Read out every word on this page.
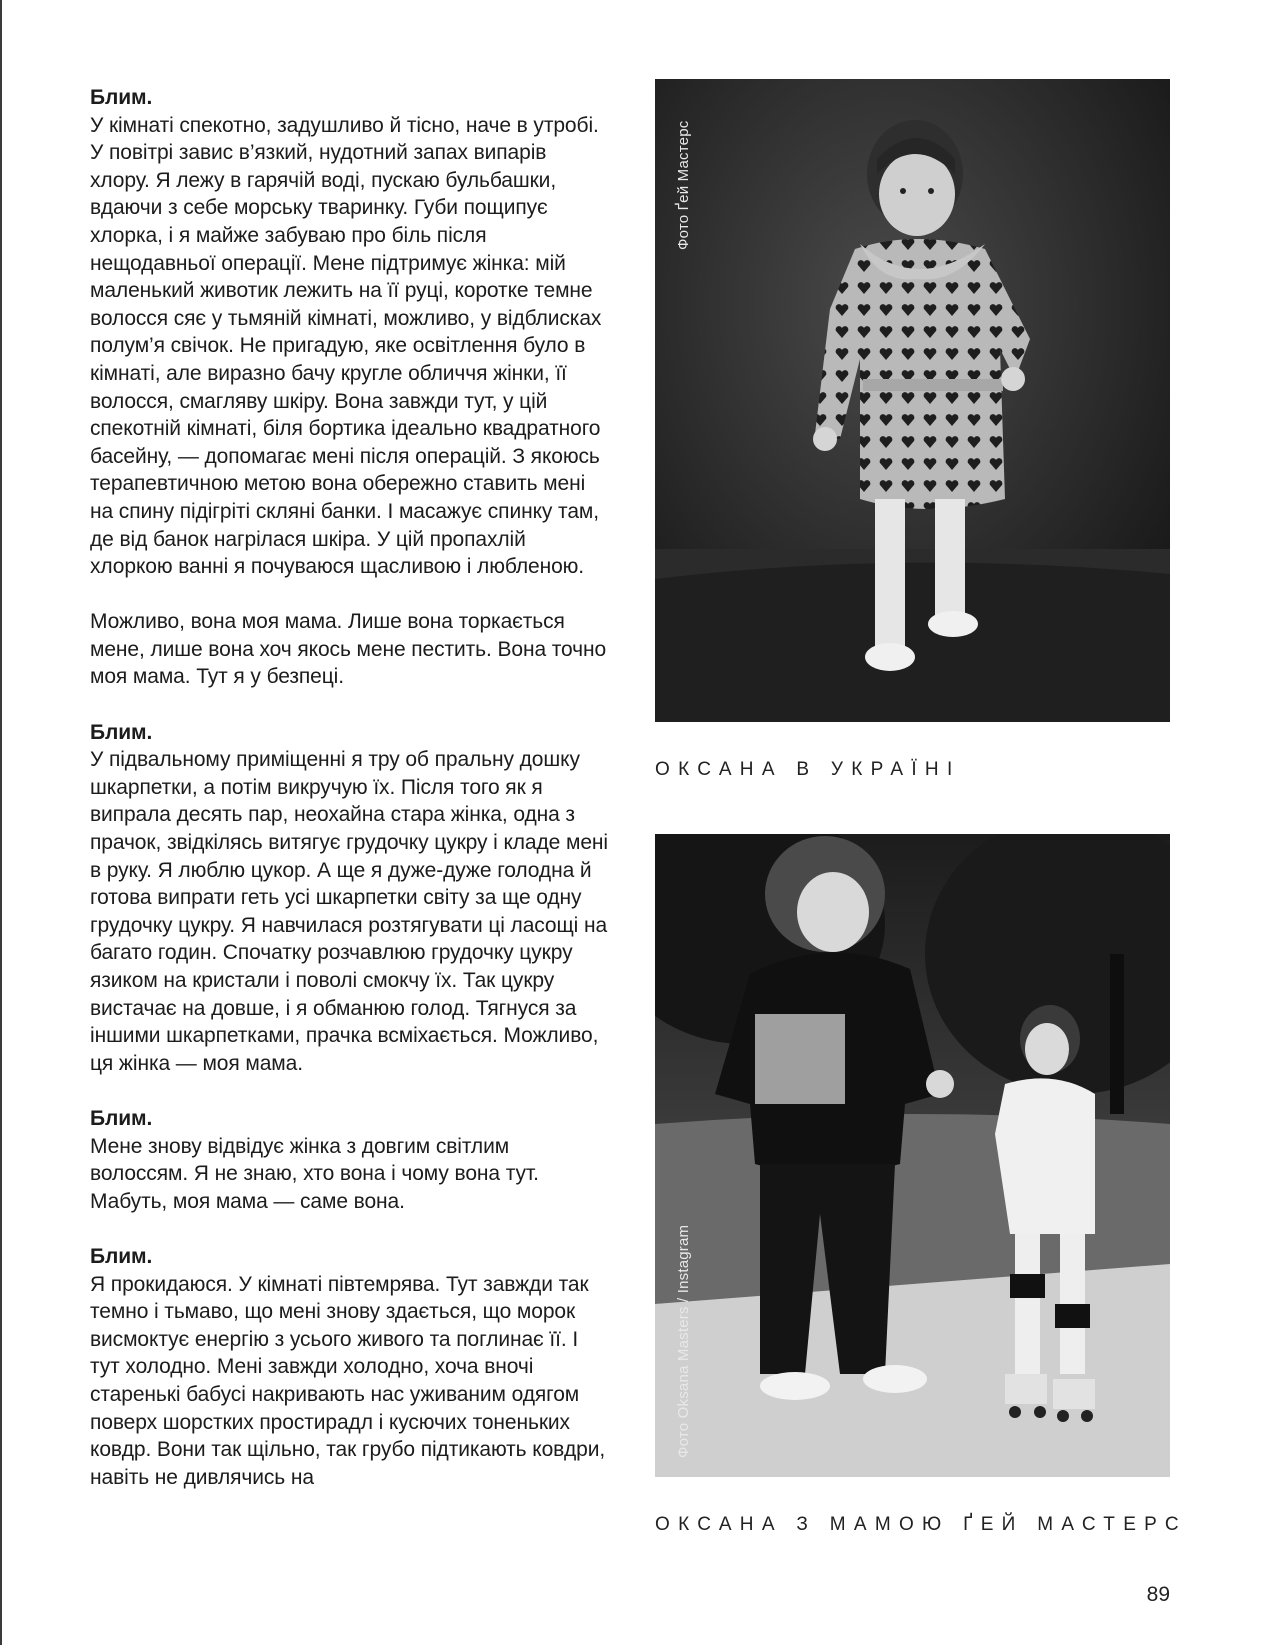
Блим.
У кімнаті спекотно, задушливо й тісно, наче в утробі. У повітрі завис в’язкий, нудотний запах випарів хлору. Я лежу в гарячій воді, пускаю бульбашки, вдаючи з себе морську тваринку. Губи пощипує хлорка, і я майже забуваю про біль після нещодавньої операції. Мене підтримує жінка: мій маленький животик лежить на її руці, коротке темне волосся сяє у тьмяній кімнаті, можливо, у відблисках полум’я свічок. Не пригадую, яке освітлення було в кімнаті, але виразно бачу кругле обличчя жінки, її волосся, смагляву шкіру. Вона завжди тут, у цій спекотній кімнаті, біля бортика ідеально квадратного басейну, — допомагає мені після операцій. З якоюсь терапевтичною метою вона обережно ставить мені на спину підігріті скляні банки. І масажує спинку там, де від банок нагрілася шкіра. У цій пропахлій хлоркою ванні я почуваюся щасливою і любленою.
Можливо, вона моя мама. Лише вона торкається мене, лише вона хоч якось мене пестить. Вона точно моя мама. Тут я у безпеці.
Блим.
У підвальному приміщенні я тру об пральну дошку шкарпетки, а потім викручую їх. Після того як я випрала десять пар, неохайна стара жінка, одна з прачок, звідкілясь витягує грудочку цукру і кладе мені в руку. Я люблю цукор. А ще я дуже-дуже голодна й готова випрати геть усі шкарпетки світу за ще одну грудочку цукру. Я навчилася розтягувати ці ласощі на багато годин. Спочатку розчавлюю грудочку цукру язиком на кристали і поволі смокчу їх. Так цукру вистачає на довше, і я обманюю голод. Тягнуся за іншими шкарпетками, прачка всміхається. Можливо, ця жінка — моя мама.
Блим.
Мене знову відвідує жінка з довгим світлим волоссям. Я не знаю, хто вона і чому вона тут. Мабуть, моя мама — саме вона.
Блим.
Я прокидаюся. У кімнаті півтемрява. Тут завжди так темно і тьмаво, що мені знову здається, що морок висмоктує енергію з усього живого та поглинає її. І тут холодно. Мені завжди холодно, хоча вночі старенькі бабусі накривають нас уживаним одягом поверх шорстких простирадл і кусючих тоненьких ковдр. Вони так щільно, так грубо підтикають ковдри, навіть не дивлячись на
Фото Ґей Мастерс
ОКСАНА В УКРАЇНІ
Фото Oksana Masters / Instagram
ОКСАНА З МАМОЮ ҐЕЙ МАСТЕРС
89
